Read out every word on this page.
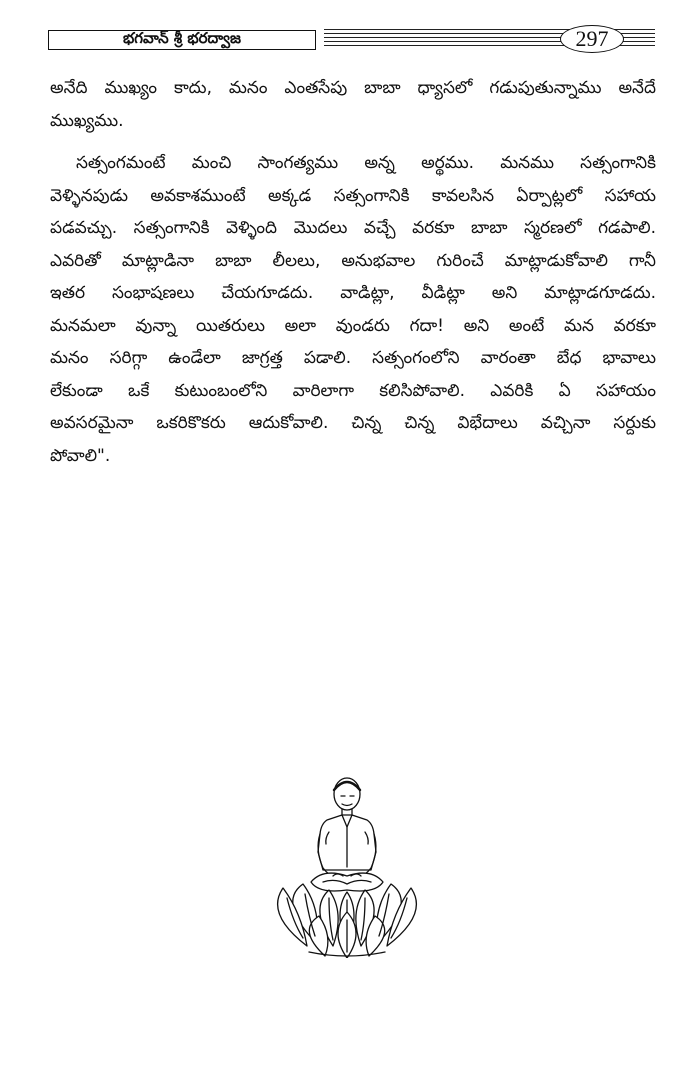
భగవాన్ శ్రీ భరద్వాజ	297

అనేది ముఖ్యం కాదు, మనం ఎంతసేపు బాబా ధ్యాసలో గడుపుతున్నాము అనేదే
ముఖ్యము.

సత్సంగమంటే మంచి సాంగత్యము అన్న అర్థము. మనము సత్సంగానికి
వెళ్ళినపుడు అవకాశముంటే అక్కడ సత్సంగానికి కావలసిన ఏర్పాట్లలో సహాయ
పడవచ్చు. సత్సంగానికి వెళ్ళింది మొదలు వచ్చే వరకూ బాబా స్మరణలో గడపాలి.
ఎవరితో మాట్లాడినా బాబా లీలలు, అనుభవాల గురించే మాట్లాడుకోవాలి గానీ
ఇతర సంభాషణలు చేయగూడదు. వాడిట్లా, వీడిట్లా అని మాట్లాడగూడదు.
మనమలా వున్నా యితరులు అలా వుండరు గదా! అని అంటే మన వరకూ
మనం సరిగ్గా ఉండేలా జాగ్రత్త పడాలి. సత్సంగంలోని వారంతా బేధ భావాలు
లేకుండా ఒకే కుటుంబంలోని వారిలాగా కలిసిపోవాలి. ఎవరికి ఏ సహాయం
అవసరమైనా ఒకరికొకరు ఆదుకోవాలి. చిన్న చిన్న విభేదాలు వచ్చినా సర్దుకు
పోవాలి".
